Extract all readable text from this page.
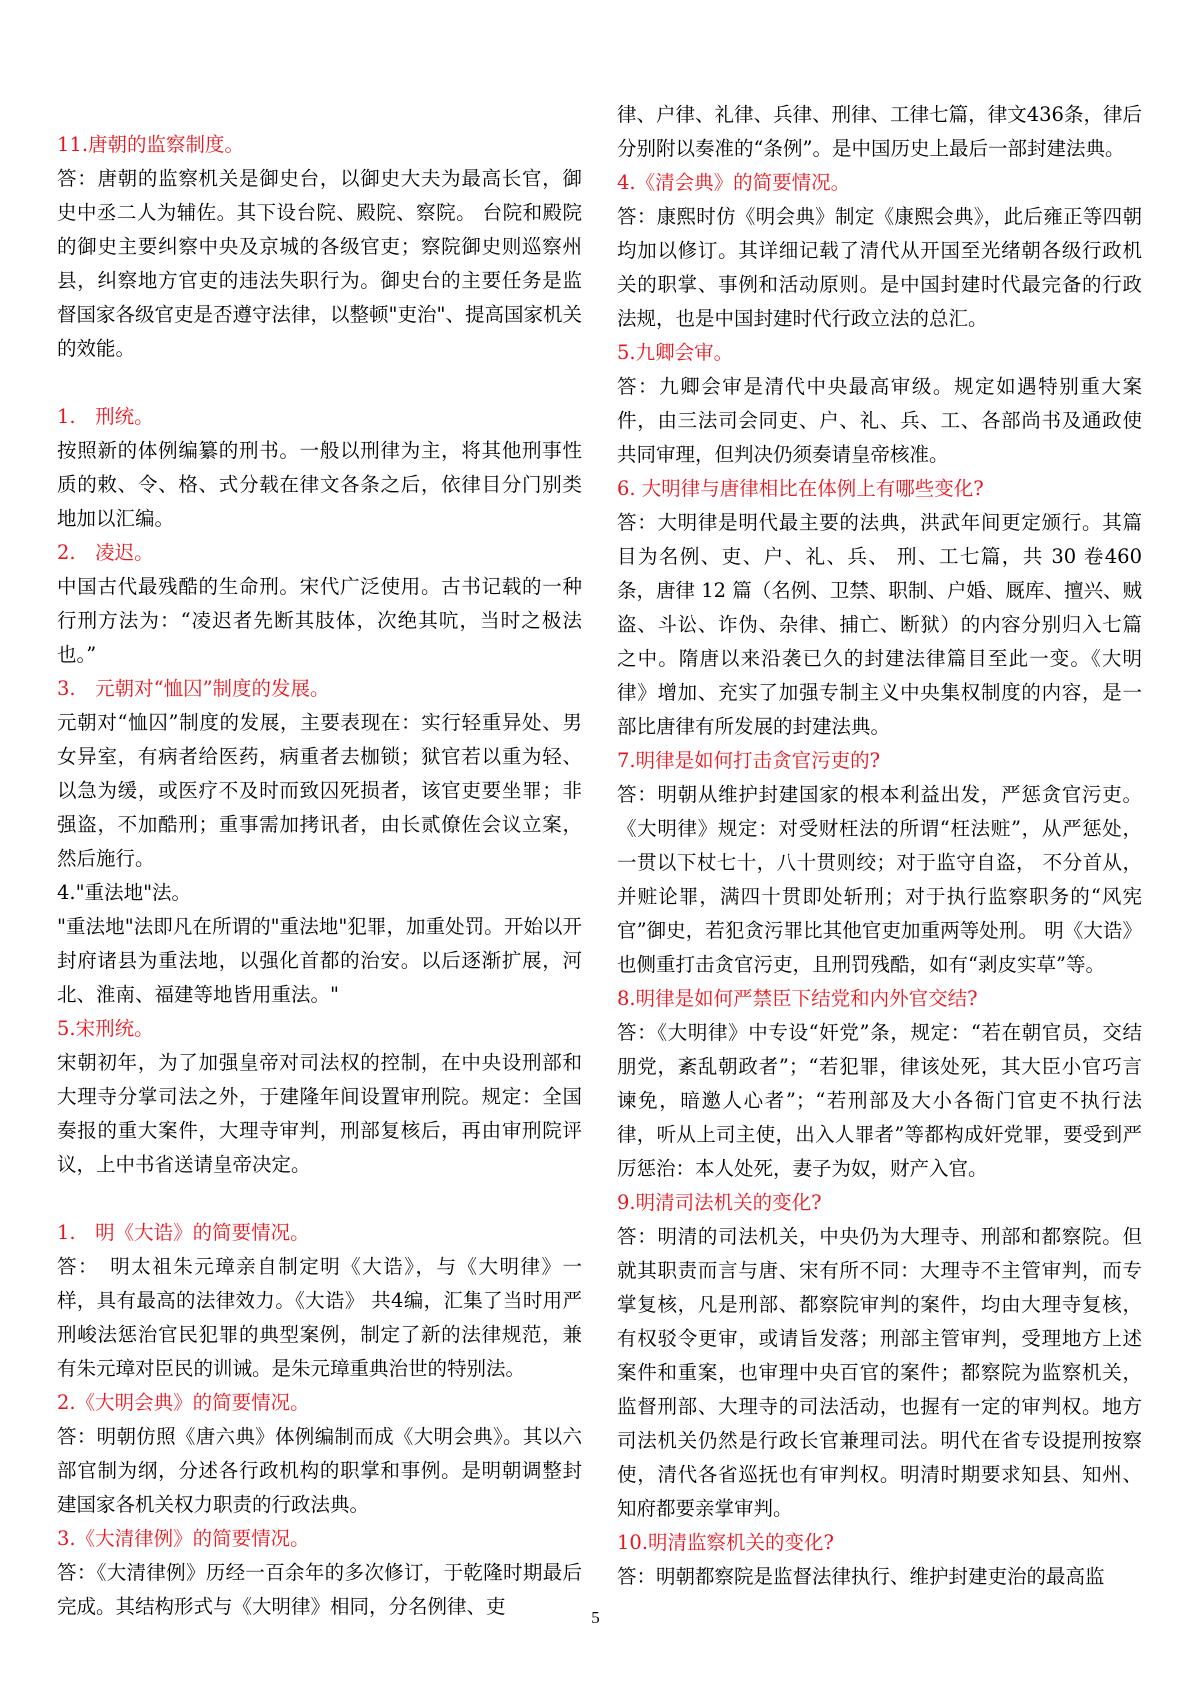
11.唐朝的监察制度。

答：唐朝的监察机关是御史台，以御史大夫为最高长官，御史中丞二人为辅佐。其下设台院、殿院、察院。 台院和殿院的御史主要纠察中央及京城的各级官吏；察院御史则巡察州县，纠察地方官吏的违法失职行为。御史台的主要任务是监督国家各级官吏是否遵守法律，以整顿"吏治"、提高国家机关的效能。

1.　刑统。

按照新的体例编纂的刑书。一般以刑律为主，将其他刑事性质的敕、令、格、式分载在律文各条之后，依律目分门别类地加以汇编。

2.　凌迟。

中国古代最残酷的生命刑。宋代广泛使用。古书记载的一种行刑方法为：“凌迟者先断其肢体，次绝其吭，当时之极法也。”

3.　元朝对“恤囚”制度的发展。

元朝对“恤囚”制度的发展，主要表现在：实行轻重异处、男女异室，有病者给医药，病重者去枷锁；狱官若以重为轻、以急为缓，或医疗不及时而致囚死损者，该官吏要坐罪；非强盗，不加酷刑；重事需加拷讯者，由长贰僚佐会议立案，然后施行。

4."重法地"法。

"重法地"法即凡在所谓的"重法地"犯罪，加重处罚。开始以开封府诸县为重法地，以强化首都的治安。以后逐渐扩展，河北、淮南、福建等地皆用重法。"

5.宋刑统。

宋朝初年，为了加强皇帝对司法权的控制，在中央设刑部和大理寺分掌司法之外，于建隆年间设置审刑院。规定：全国奏报的重大案件，大理寺审判，刑部复核后，再由审刑院评议，上中书省送请皇帝决定。

1.　明《大诰》的简要情况。

答：　明太祖朱元璋亲自制定明《大诰》，与《大明律》一样，具有最高的法律效力。《大诰》 共4编，汇集了当时用严刑峻法惩治官民犯罪的典型案例，制定了新的法律规范，兼有朱元璋对臣民的训诫。是朱元璋重典治世的特别法。

2.《大明会典》的简要情况。

答：明朝仿照《唐六典》体例编制而成《大明会典》。其以六部官制为纲，分述各行政机构的职掌和事例。是明朝调整封建国家各机关权力职责的行政法典。

3.《大清律例》的简要情况。

答：《大清律例》历经一百余年的多次修订，于乾隆时期最后完成。其结构形式与《大明律》相同，分名例律、吏

律、户律、礼律、兵律、刑律、工律七篇，律文436条，律后分别附以奏准的“条例”。是中国历史上最后一部封建法典。

4.《清会典》的简要情况。

答：康熙时仿《明会典》制定《康熙会典》，此后雍正等四朝均加以修订。其详细记载了清代从开国至光绪朝各级行政机关的职掌、事例和活动原则。是中国封建时代最完备的行政法规，也是中国封建时代行政立法的总汇。

5.九卿会审。

答：九卿会审是清代中央最高审级。规定如遇特别重大案件，由三法司会同吏、户、礼、兵、工、各部尚书及通政使共同审理，但判决仍须奏请皇帝核准。

6. 大明律与唐律相比在体例上有哪些变化?

答：大明律是明代最主要的法典，洪武年间更定颁行。其篇目为名例、吏、户、礼、兵、 刑、工七篇，共 30 卷460 条，唐律 12 篇（名例、卫禁、职制、户婚、厩库、擅兴、贼盗、斗讼、诈伪、杂律、捕亡、断狱）的内容分别归入七篇之中。隋唐以来沿袭已久的封建法律篇目至此一变。《大明律》增加、充实了加强专制主义中央集权制度的内容，是一部比唐律有所发展的封建法典。

7.明律是如何打击贪官污吏的?

答：明朝从维护封建国家的根本利益出发，严惩贪官污吏。《大明律》规定：对受财枉法的所谓“枉法赃”，从严惩处，一贯以下杖七十，八十贯则绞；对于监守自盗， 不分首从，并赃论罪，满四十贯即处斩刑；对于执行监察职务的“风宪官”御史，若犯贪污罪比其他官吏加重两等处刑。 明《大诰》也侧重打击贪官污吏，且刑罚残酷，如有“剥皮实草”等。

8.明律是如何严禁臣下结党和内外官交结?

答：《大明律》中专设“奸党”条，规定：“若在朝官员，交结朋党，紊乱朝政者”；“若犯罪，律该处死，其大臣小官巧言谏免，暗邀人心者”；“若刑部及大小各衙门官吏不执行法律，听从上司主使，出入人罪者”等都构成奸党罪，要受到严厉惩治：本人处死，妻子为奴，财产入官。

9.明清司法机关的变化?

答：明清的司法机关，中央仍为大理寺、刑部和都察院。但就其职责而言与唐、宋有所不同：大理寺不主管审判，而专掌复核，凡是刑部、都察院审判的案件，均由大理寺复核，有权驳令更审，或请旨发落；刑部主管审判，受理地方上述案件和重案，也审理中央百官的案件；都察院为监察机关，监督刑部、大理寺的司法活动，也握有一定的审判权。地方司法机关仍然是行政长官兼理司法。明代在省专设提刑按察使，清代各省巡抚也有审判权。明清时期要求知县、知州、知府都要亲掌审判。

10.明清监察机关的变化?

答：明朝都察院是监督法律执行、维护封建吏治的最高监

5
